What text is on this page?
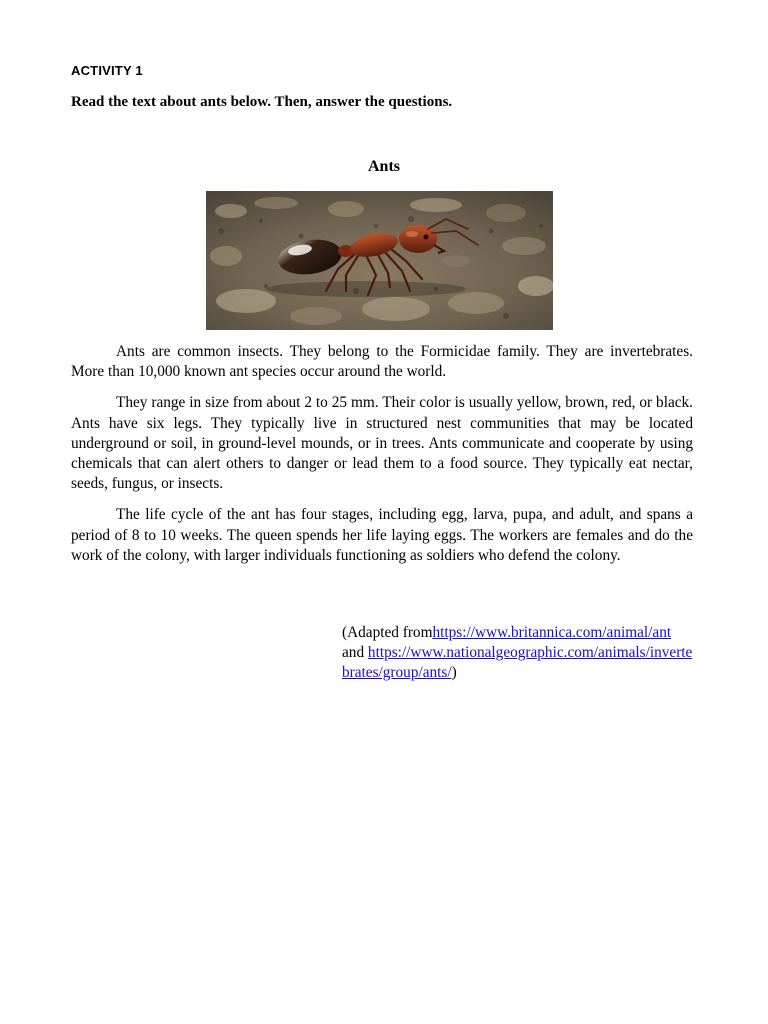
ACTIVITY 1
Read the text about ants below. Then, answer the questions.
Ants

Ants are common insects. They belong to the Formicidae family. They are invertebrates. More than 10,000 known ant species occur around the world.

They range in size from about 2 to 25 mm. Their color is usually yellow, brown, red, or black. Ants have six legs. They typically live in structured nest communities that may be located underground or soil, in ground-level mounds, or in trees. Ants communicate and cooperate by using chemicals that can alert others to danger or lead them to a food source. They typically eat nectar, seeds, fungus, or insects.

The life cycle of the ant has four stages, including egg, larva, pupa, and adult, and spans a period of 8 to 10 weeks. The queen spends her life laying eggs. The workers are females and do the work of the colony, with larger individuals functioning as soldiers who defend the colony.

(Adapted fromhttps://www.britannica.com/animal/ant and https://www.nationalgeographic.com/animals/invertebrates/group/ants/)
